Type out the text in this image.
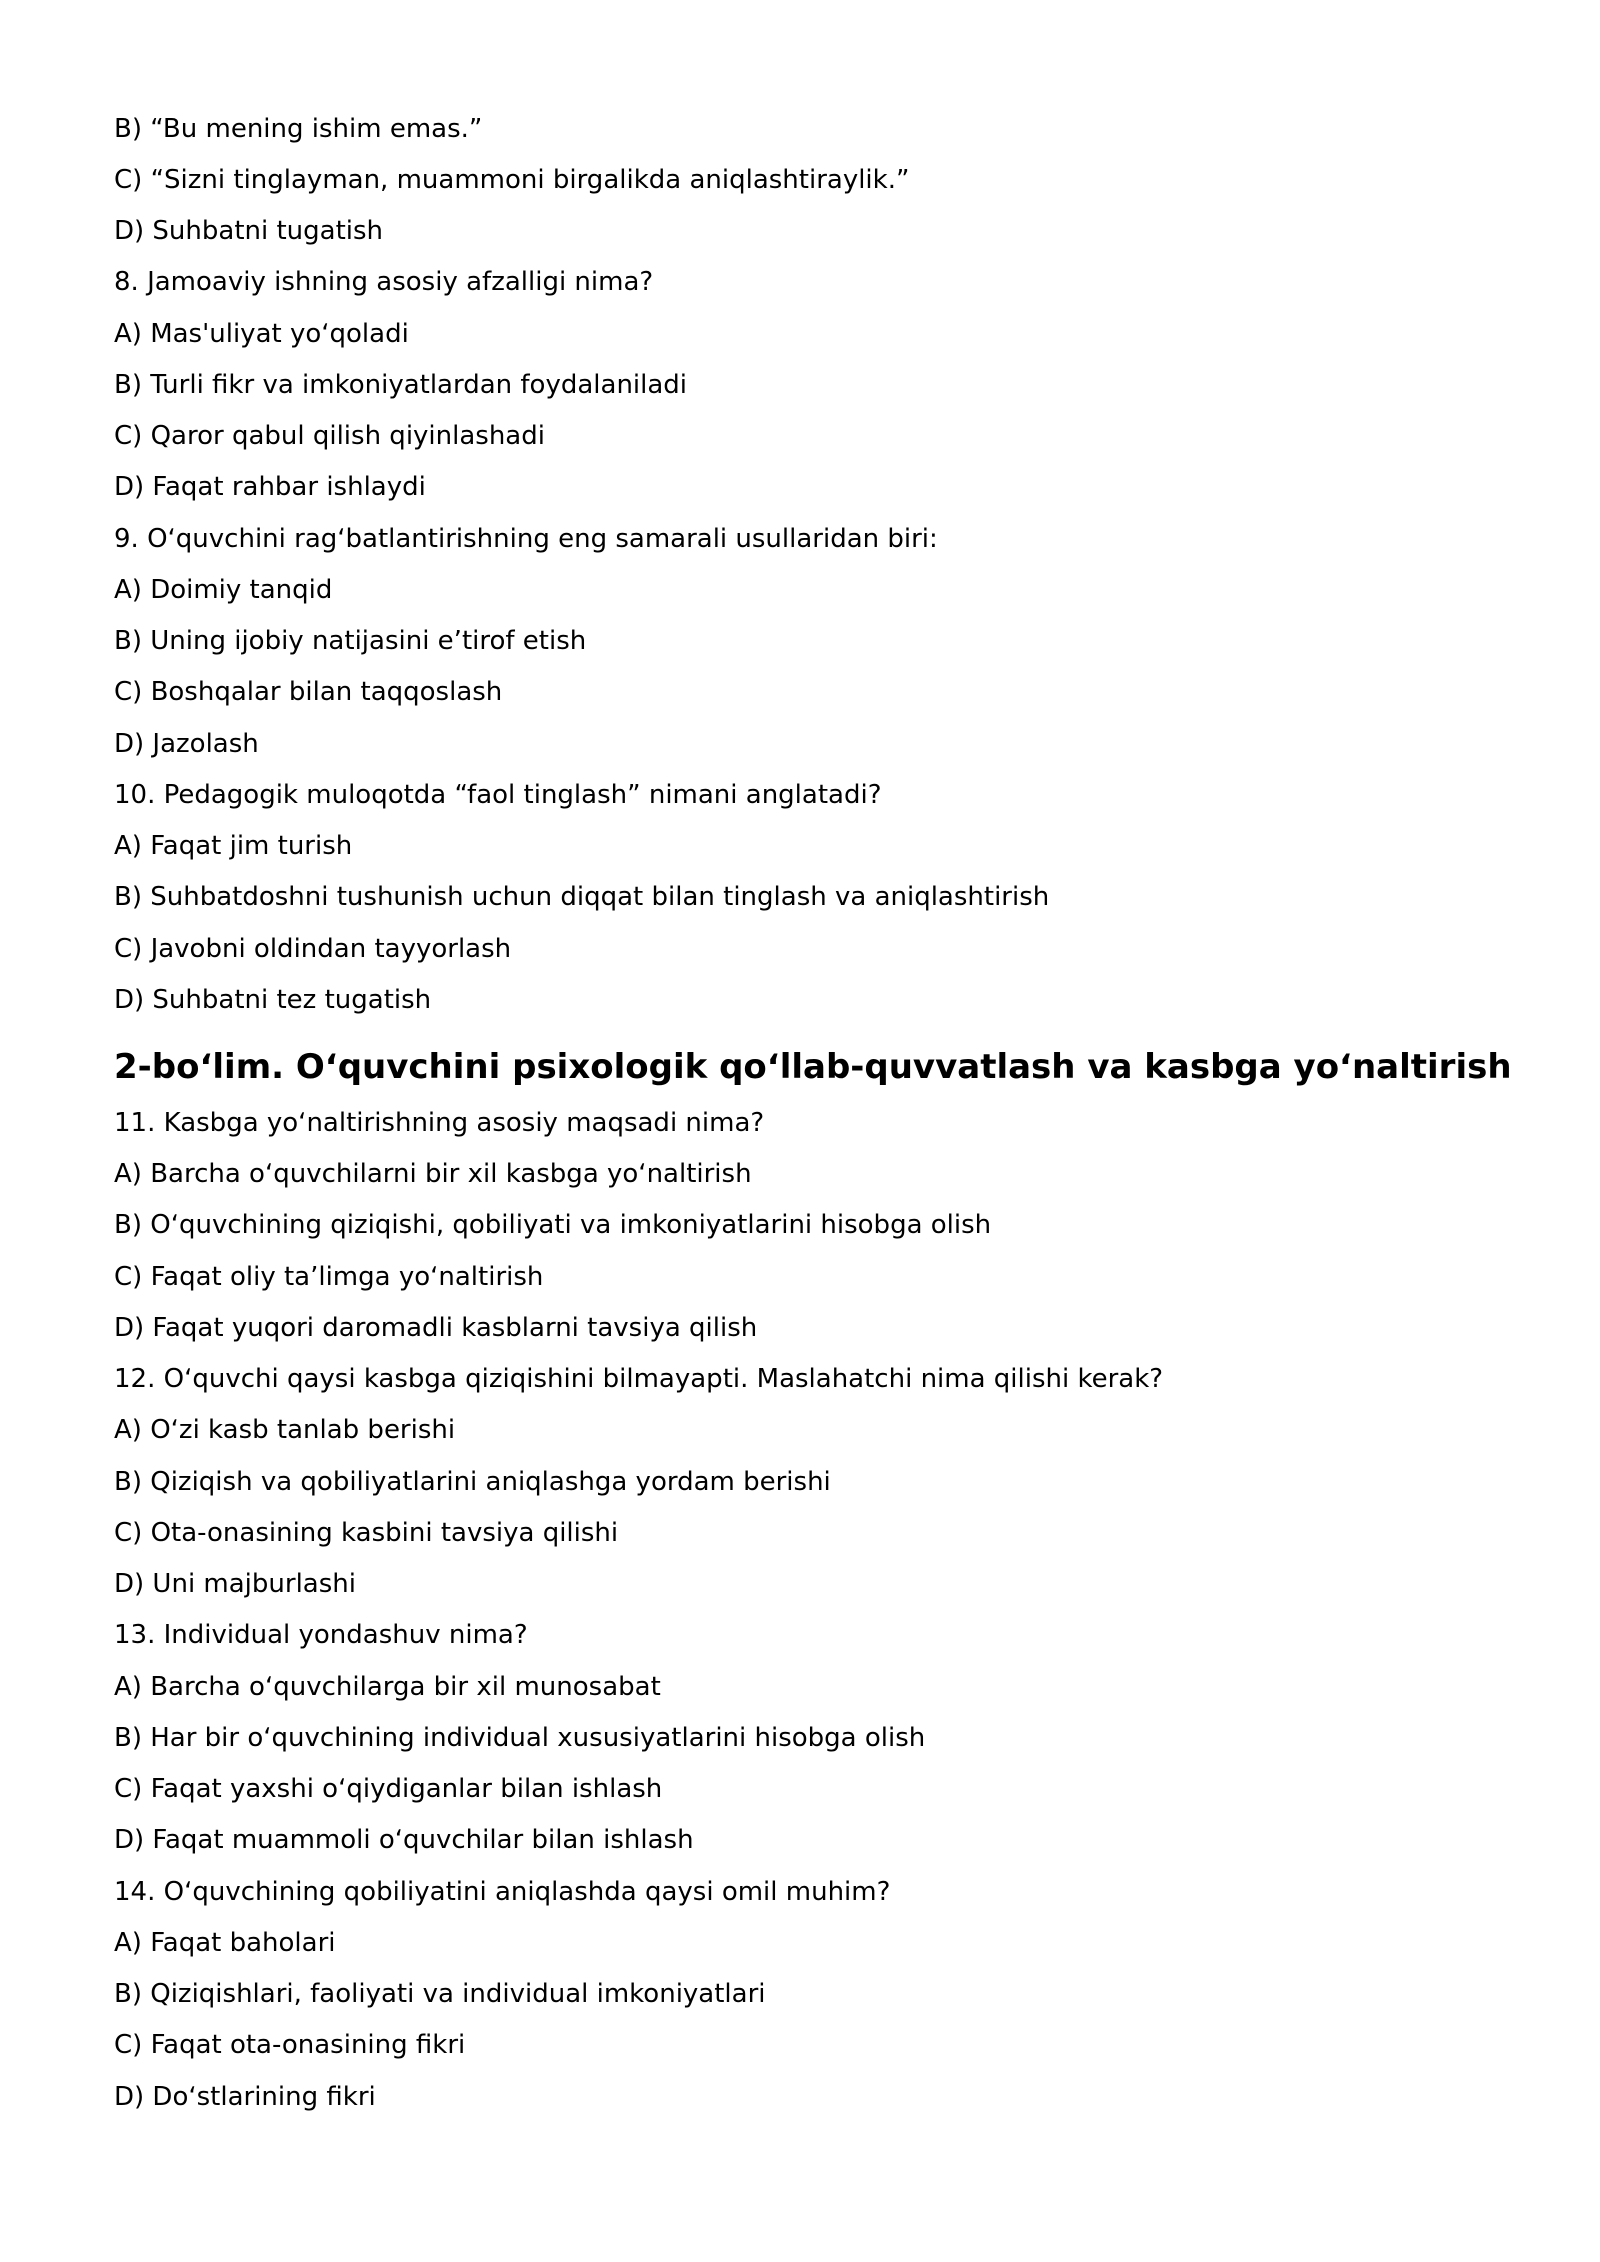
B) “Bu mening ishim emas.”
C) “Sizni tinglayman, muammoni birgalikda aniqlashtiraylik.”
D) Suhbatni tugatish
8. Jamoaviy ishning asosiy afzalligi nima?
A) Mas'uliyat yoʻqoladi
B) Turli fikr va imkoniyatlardan foydalaniladi
C) Qaror qabul qilish qiyinlashadi
D) Faqat rahbar ishlaydi
9. Oʻquvchini ragʻbatlantirishning eng samarali usullaridan biri:
A) Doimiy tanqid
B) Uning ijobiy natijasini eʼtirof etish
C) Boshqalar bilan taqqoslash
D) Jazolash
10. Pedagogik muloqotda “faol tinglash” nimani anglatadi?
A) Faqat jim turish
B) Suhbatdoshni tushunish uchun diqqat bilan tinglash va aniqlashtirish
C) Javobni oldindan tayyorlash
D) Suhbatni tez tugatish
2-boʻlim. Oʻquvchini psixologik qoʻllab-quvvatlash va kasbga yoʻnaltirish
11. Kasbga yoʻnaltirishning asosiy maqsadi nima?
A) Barcha oʻquvchilarni bir xil kasbga yoʻnaltirish
B) Oʻquvchining qiziqishi, qobiliyati va imkoniyatlarini hisobga olish
C) Faqat oliy taʼlimga yoʻnaltirish
D) Faqat yuqori daromadli kasblarni tavsiya qilish
12. Oʻquvchi qaysi kasbga qiziqishini bilmayapti. Maslahatchi nima qilishi kerak?
A) Oʻzi kasb tanlab berishi
B) Qiziqish va qobiliyatlarini aniqlashga yordam berishi
C) Ota-onasining kasbini tavsiya qilishi
D) Uni majburlashi
13. Individual yondashuv nima?
A) Barcha oʻquvchilarga bir xil munosabat
B) Har bir oʻquvchining individual xususiyatlarini hisobga olish
C) Faqat yaxshi oʻqiydiganlar bilan ishlash
D) Faqat muammoli oʻquvchilar bilan ishlash
14. Oʻquvchining qobiliyatini aniqlashda qaysi omil muhim?
A) Faqat baholari
B) Qiziqishlari, faoliyati va individual imkoniyatlari
C) Faqat ota-onasining fikri
D) Doʻstlarining fikri
